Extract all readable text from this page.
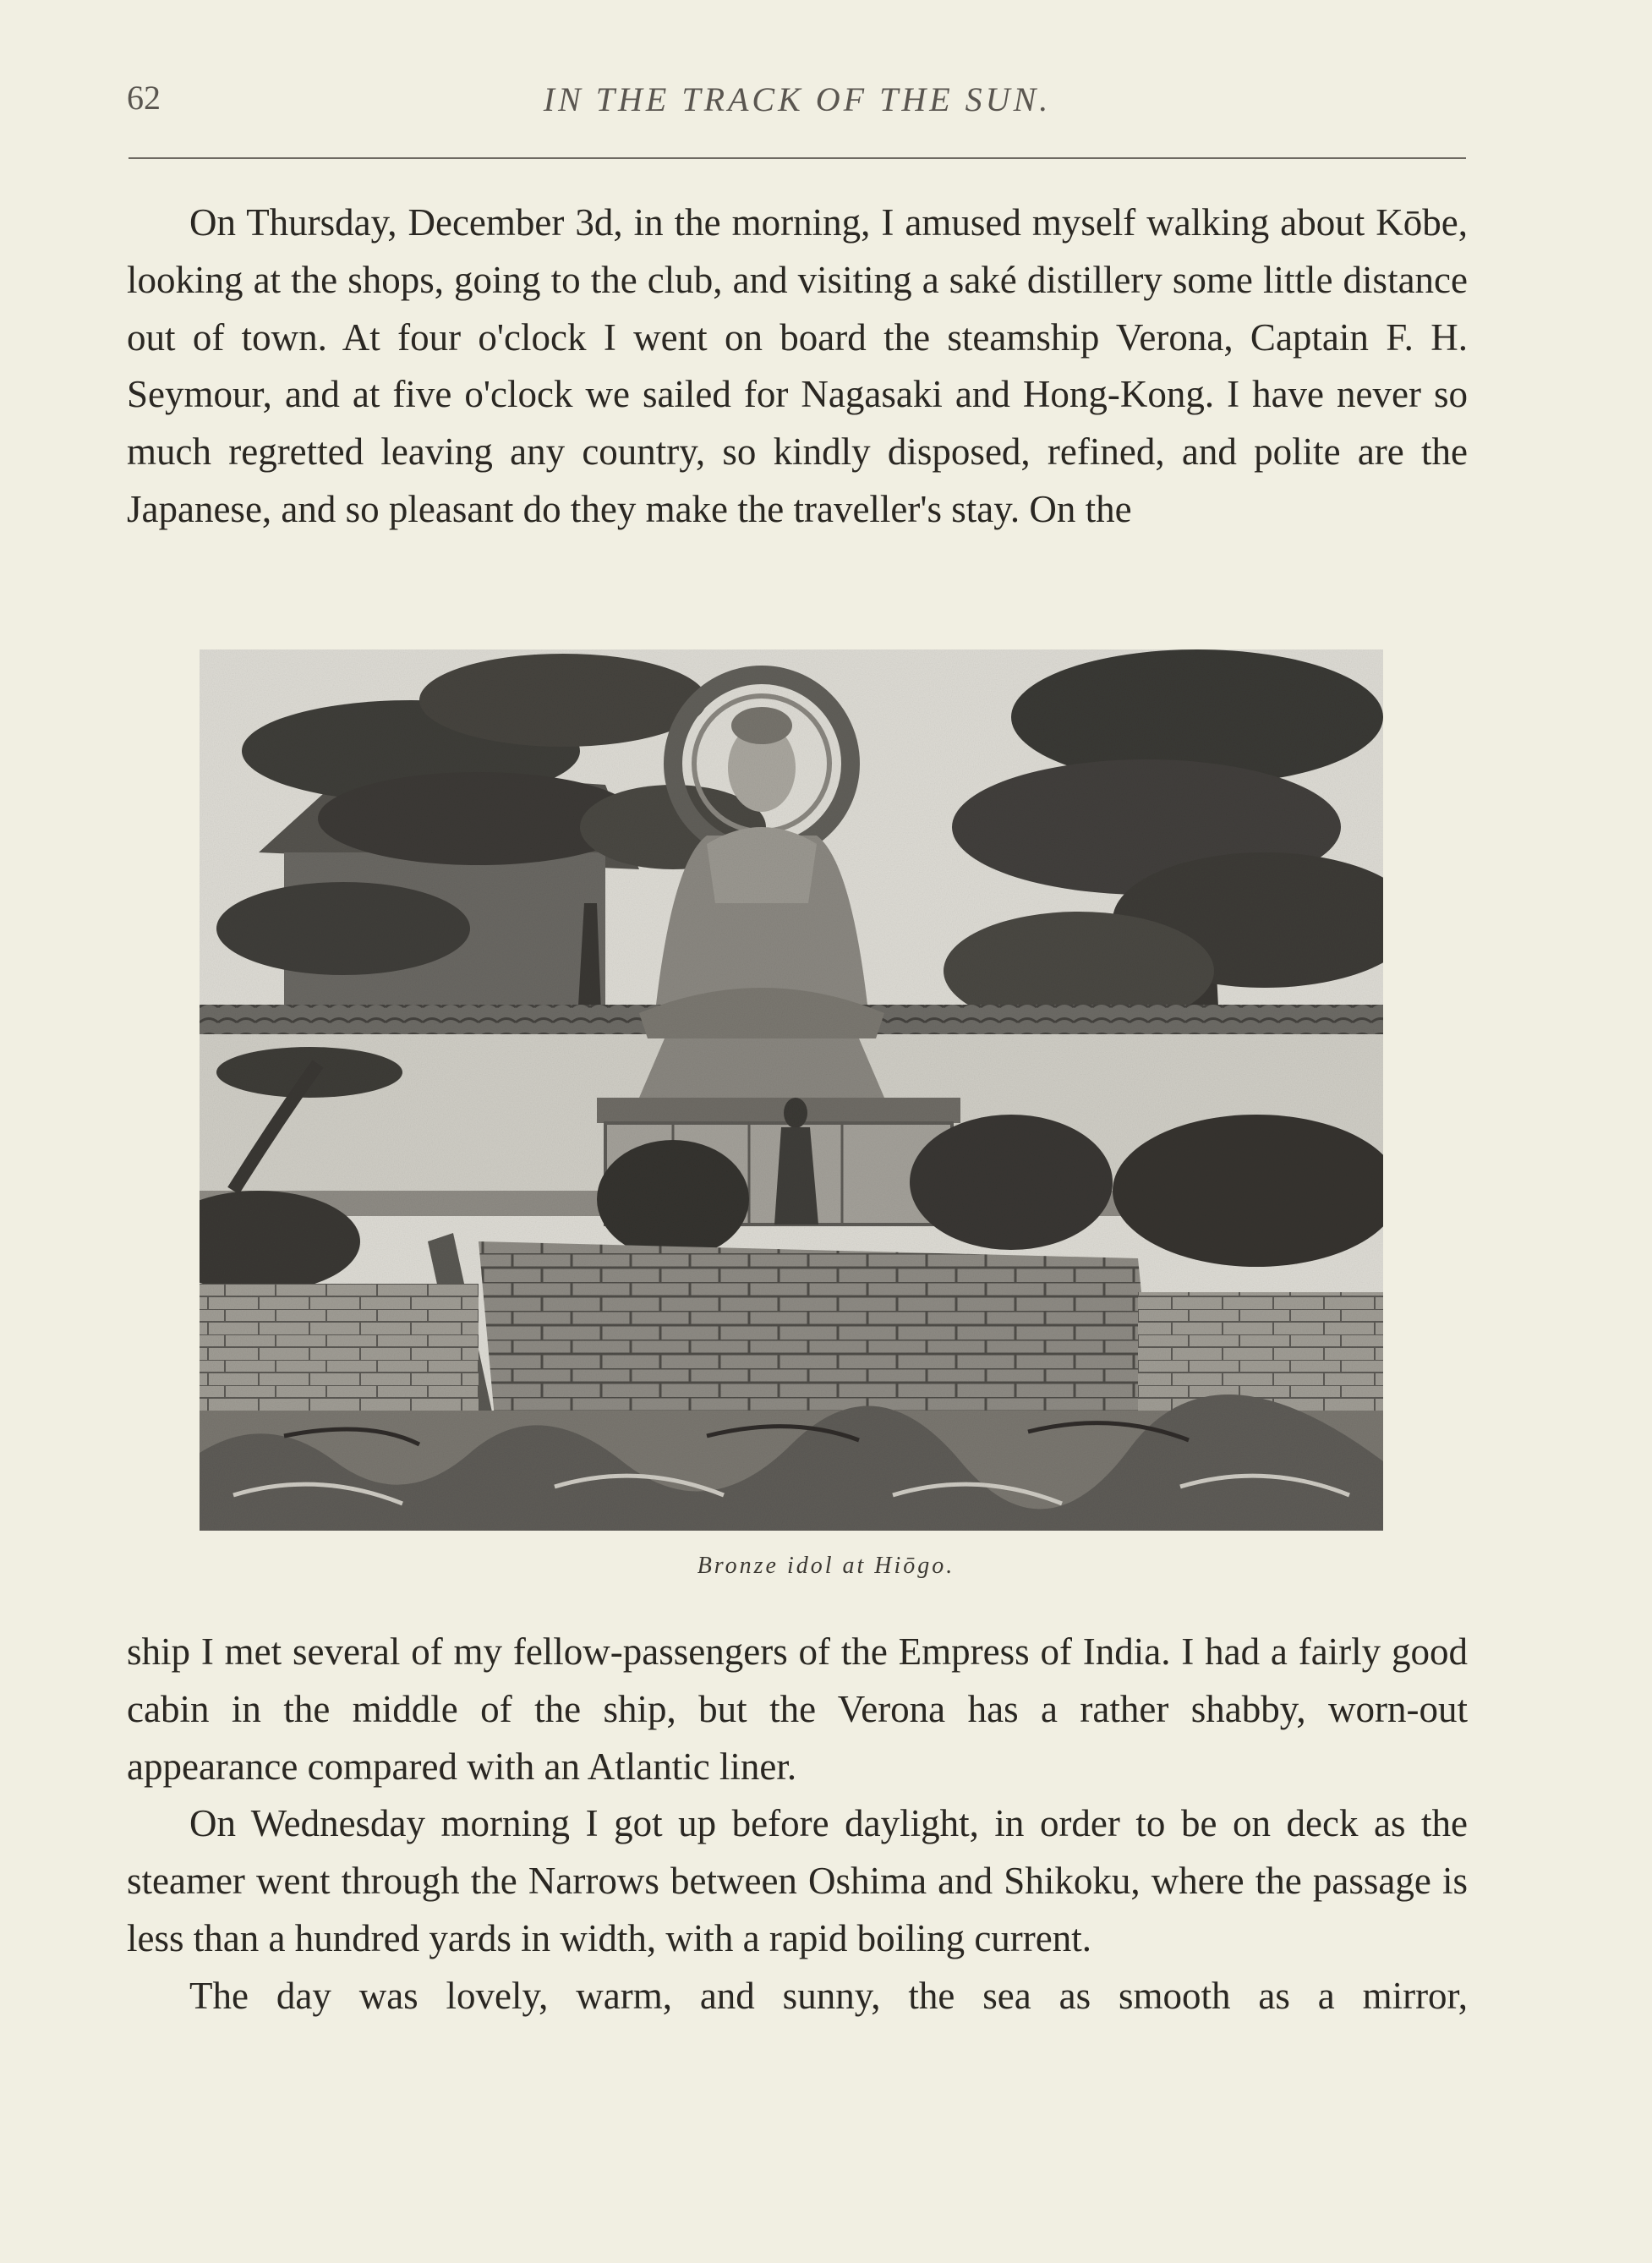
62	IN THE TRACK OF THE SUN.

On Thursday, December 3d, in the morning, I amused myself walking about Kōbe, looking at the shops, going to the club, and visiting a saké distillery some little distance out of town. At four o'clock I went on board the steamship Verona, Captain F. H. Seymour, and at five o'clock we sailed for Nagasaki and Hong-Kong. I have never so much regretted leaving any country, so kindly disposed, refined, and polite are the Japanese, and so pleasant do they make the traveller's stay. On the

Bronze idol at Hiōgo.

ship I met several of my fellow-passengers of the Empress of India. I had a fairly good cabin in the middle of the ship, but the Verona has a rather shabby, worn-out appearance compared with an Atlantic liner.

On Wednesday morning I got up before daylight, in order to be on deck as the steamer went through the Narrows between Oshima and Shikoku, where the passage is less than a hundred yards in width, with a rapid boiling current.

The day was lovely, warm, and sunny, the sea as smooth as a mirror,
